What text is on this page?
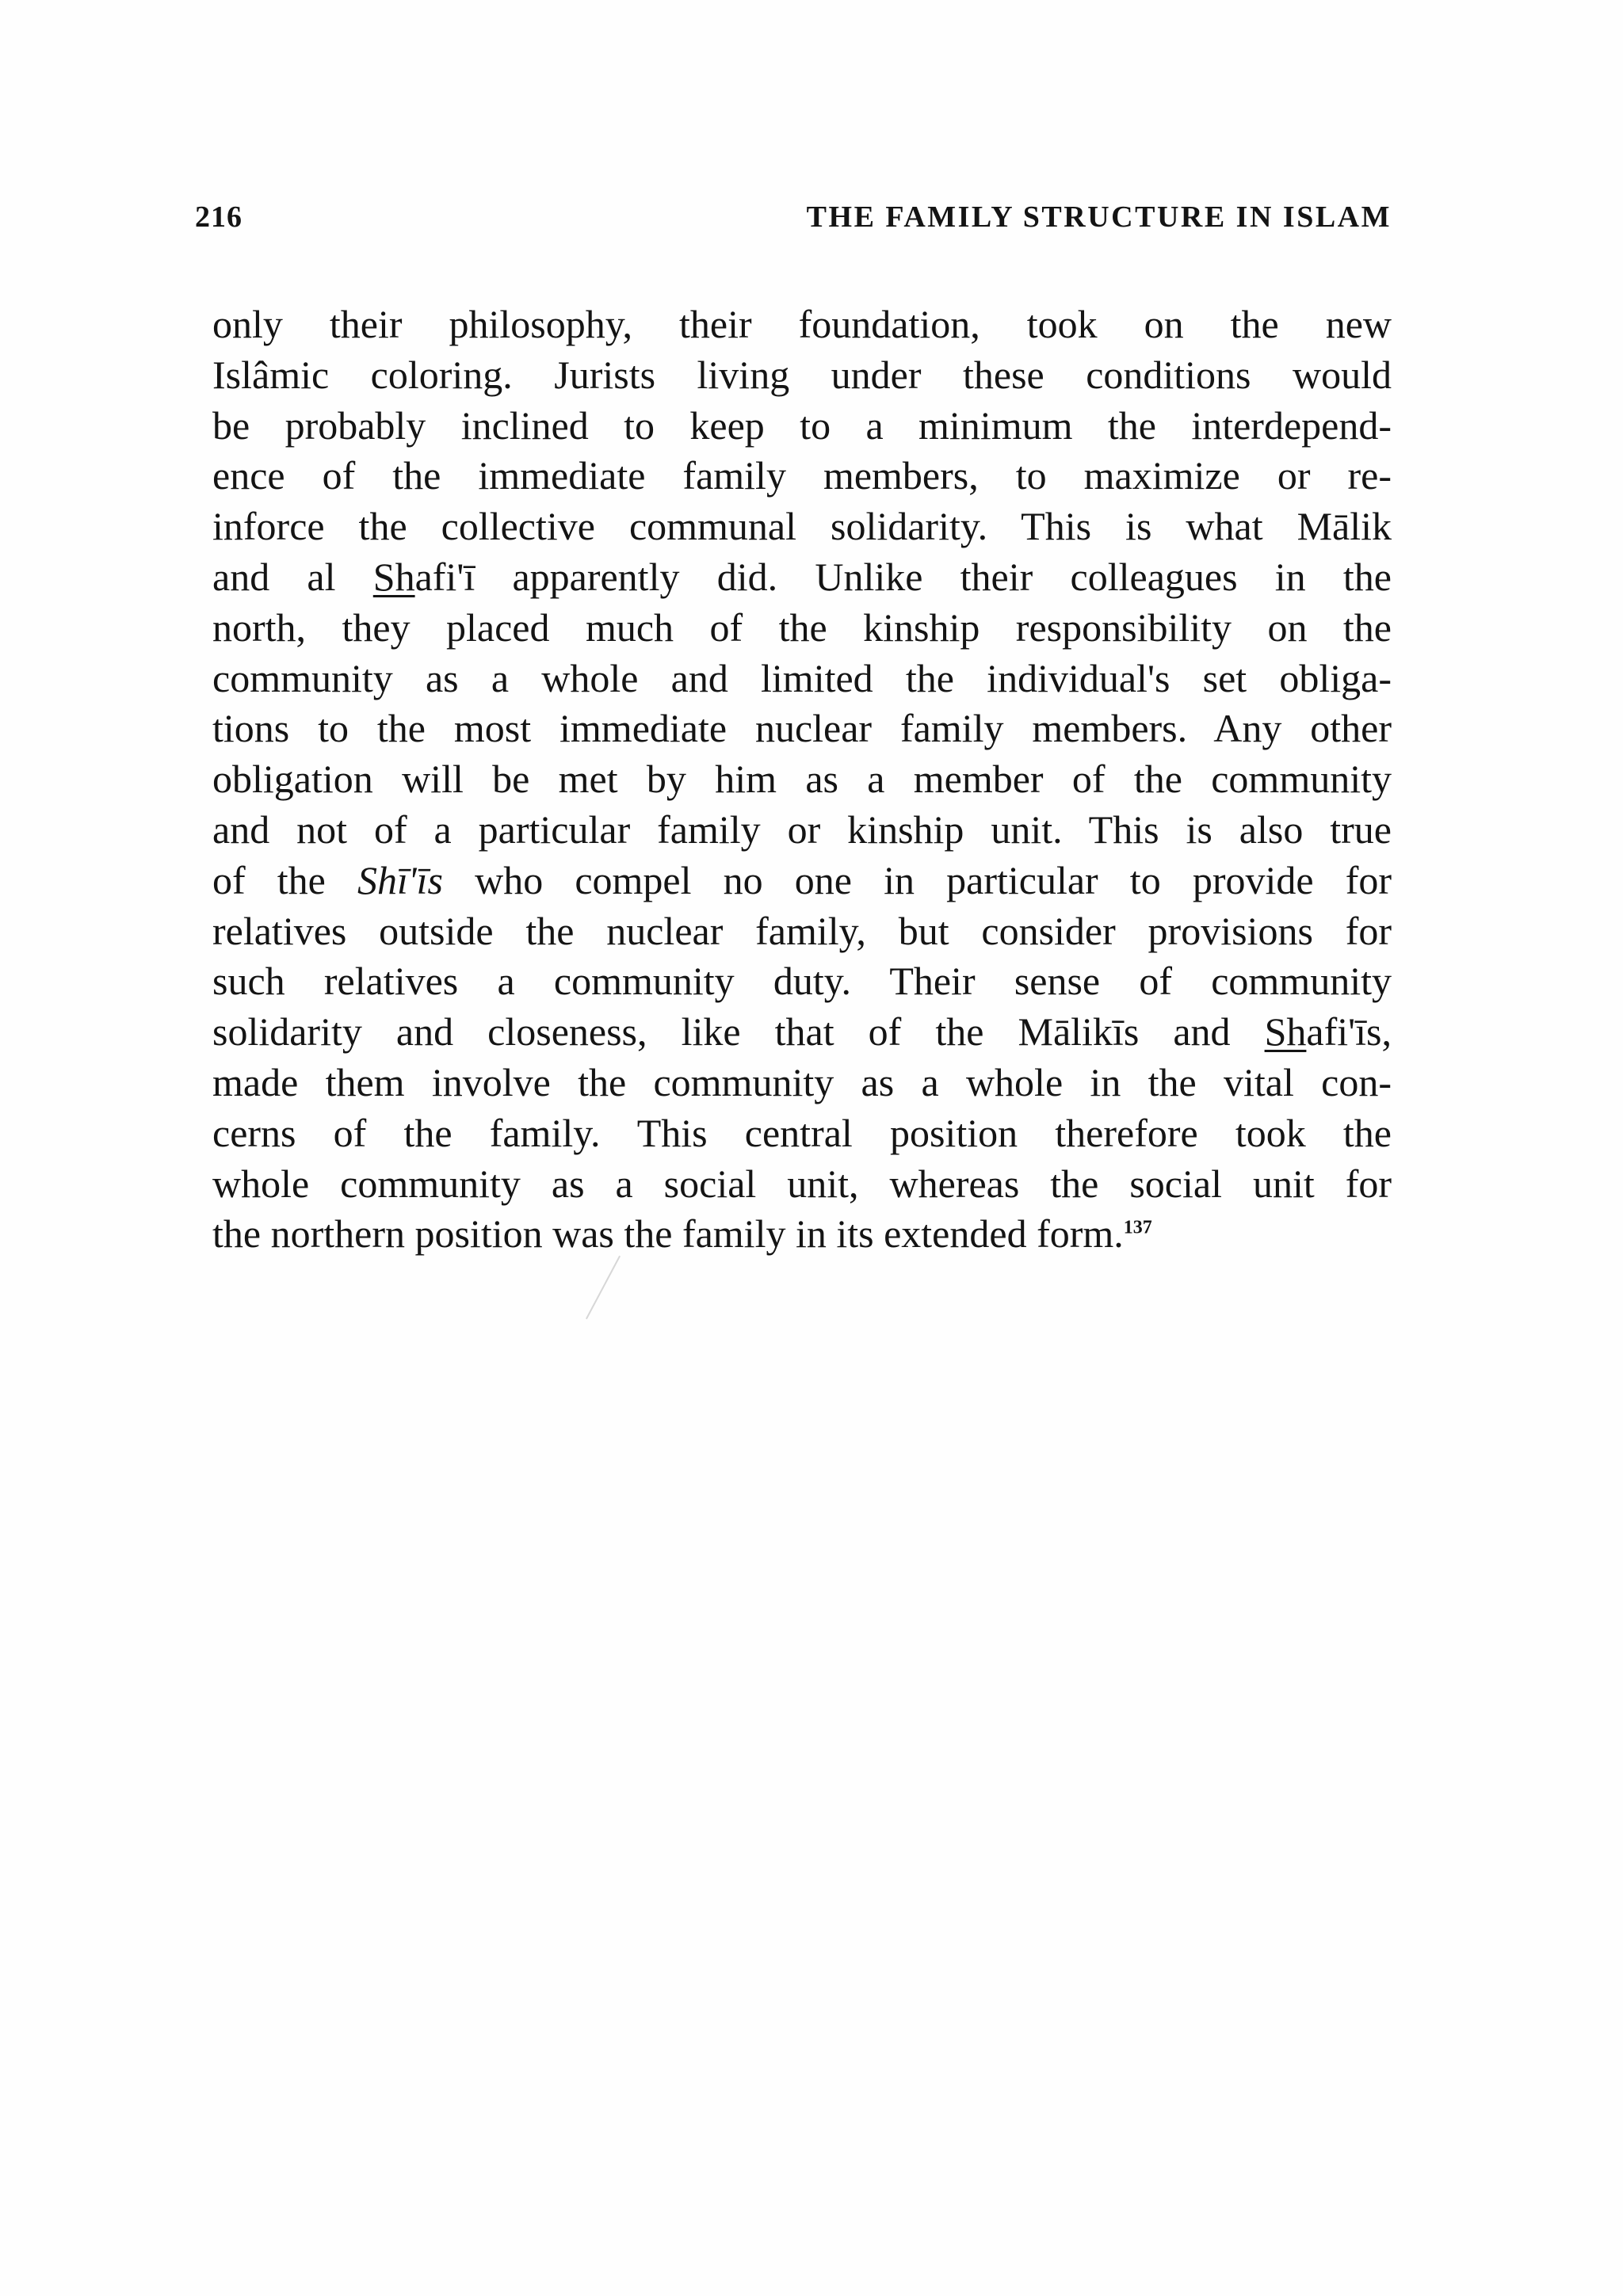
216	THE FAMILY STRUCTURE IN ISLAM
only their philosophy, their foundation, took on the new
Islâmic coloring. Jurists living under these conditions would
be probably inclined to keep to a minimum the interdepend-
ence of the immediate family members, to maximize or re-
inforce the collective communal solidarity. This is what Mālik
and al Shafi'ī apparently did. Unlike their colleagues in the
north, they placed much of the kinship responsibility on the
community as a whole and limited the individual's set obliga-
tions to the most immediate nuclear family members. Any other
obligation will be met by him as a member of the community
and not of a particular family or kinship unit. This is also true
of the Shī'īs who compel no one in particular to provide for
relatives outside the nuclear family, but consider provisions for
such relatives a community duty. Their sense of community
solidarity and closeness, like that of the Mālikīs and Shafi'īs,
made them involve the community as a whole in the vital con-
cerns of the family. This central position therefore took the
whole community as a social unit, whereas the social unit for
the northern position was the family in its extended form.$^{137}$
